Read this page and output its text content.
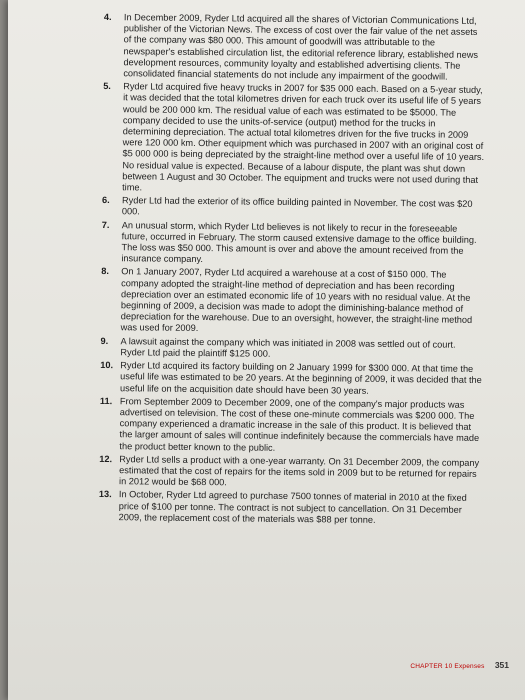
4.	In December 2009, Ryder Ltd acquired all the shares of Victorian Communications Ltd, publisher of the Victorian News. The excess of cost over the fair value of the net assets of the company was $80 000. This amount of goodwill was attributable to the newspaper's established circulation list, the editorial reference library, established news development resources, community loyalty and established advertising clients. The consolidated financial statements do not include any impairment of the goodwill.
5.	Ryder Ltd acquired five heavy trucks in 2007 for $35 000 each. Based on a 5-year study, it was decided that the total kilometres driven for each truck over its useful life of 5 years would be 200 000 km. The residual value of each was estimated to be $5000. The company decided to use the units-of-service (output) method for the trucks in determining depreciation. The actual total kilometres driven for the five trucks in 2009 were 120 000 km. Other equipment which was purchased in 2007 with an original cost of $5 000 000 is being depreciated by the straight-line method over a useful life of 10 years. No residual value is expected. Because of a labour dispute, the plant was shut down between 1 August and 30 October. The equipment and trucks were not used during that time.
6.	Ryder Ltd had the exterior of its office building painted in November. The cost was $20 000.
7.	An unusual storm, which Ryder Ltd believes is not likely to recur in the foreseeable future, occurred in February. The storm caused extensive damage to the office building. The loss was $50 000. This amount is over and above the amount received from the insurance company.
8.	On 1 January 2007, Ryder Ltd acquired a warehouse at a cost of $150 000. The company adopted the straight-line method of depreciation and has been recording depreciation over an estimated economic life of 10 years with no residual value. At the beginning of 2009, a decision was made to adopt the diminishing-balance method of depreciation for the warehouse. Due to an oversight, however, the straight-line method was used for 2009.
9.	A lawsuit against the company which was initiated in 2008 was settled out of court. Ryder Ltd paid the plaintiff $125 000.
10. Ryder Ltd acquired its factory building on 2 January 1999 for $300 000. At that time the useful life was estimated to be 20 years. At the beginning of 2009, it was decided that the useful life on the acquisition date should have been 30 years.
11. From September 2009 to December 2009, one of the company's major products was advertised on television. The cost of these one-minute commercials was $200 000. The company experienced a dramatic increase in the sale of this product. It is believed that the larger amount of sales will continue indefinitely because the commercials have made the product better known to the public.
12. Ryder Ltd sells a product with a one-year warranty. On 31 December 2009, the company estimated that the cost of repairs for the items sold in 2009 but to be returned for repairs in 2012 would be $68 000.
13. In October, Ryder Ltd agreed to purchase 7500 tonnes of material in 2010 at the fixed price of $100 per tonne. The contract is not subject to cancellation. On 31 December 2009, the replacement cost of the materials was $88 per tonne.
CHAPTER 10 Expenses 351
